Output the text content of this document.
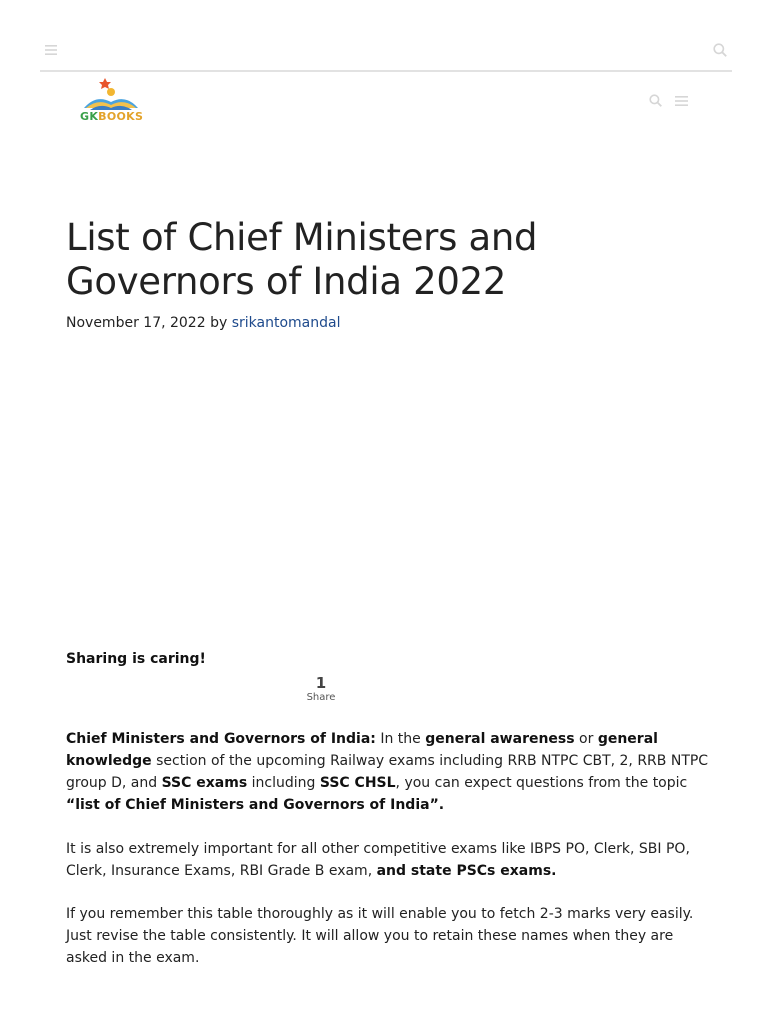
GKBOOKS
List of Chief Ministers and Governors of India 2022
November 17, 2022 by srikantomandal
Sharing is caring!
1
Share

Chief Ministers and Governors of India: In the general awareness or general knowledge section of the upcoming Railway exams including RRB NTPC CBT, 2, RRB NTPC group D, and SSC exams including SSC CHSL, you can expect questions from the topic “list of Chief Ministers and Governors of India”.

It is also extremely important for all other competitive exams like IBPS PO, Clerk, SBI PO, Clerk, Insurance Exams, RBI Grade B exam, and state PSCs exams.

If you remember this table thoroughly as it will enable you to fetch 2-3 marks very easily. Just revise the table consistently. It will allow you to retain these names when they are asked in the exam.
